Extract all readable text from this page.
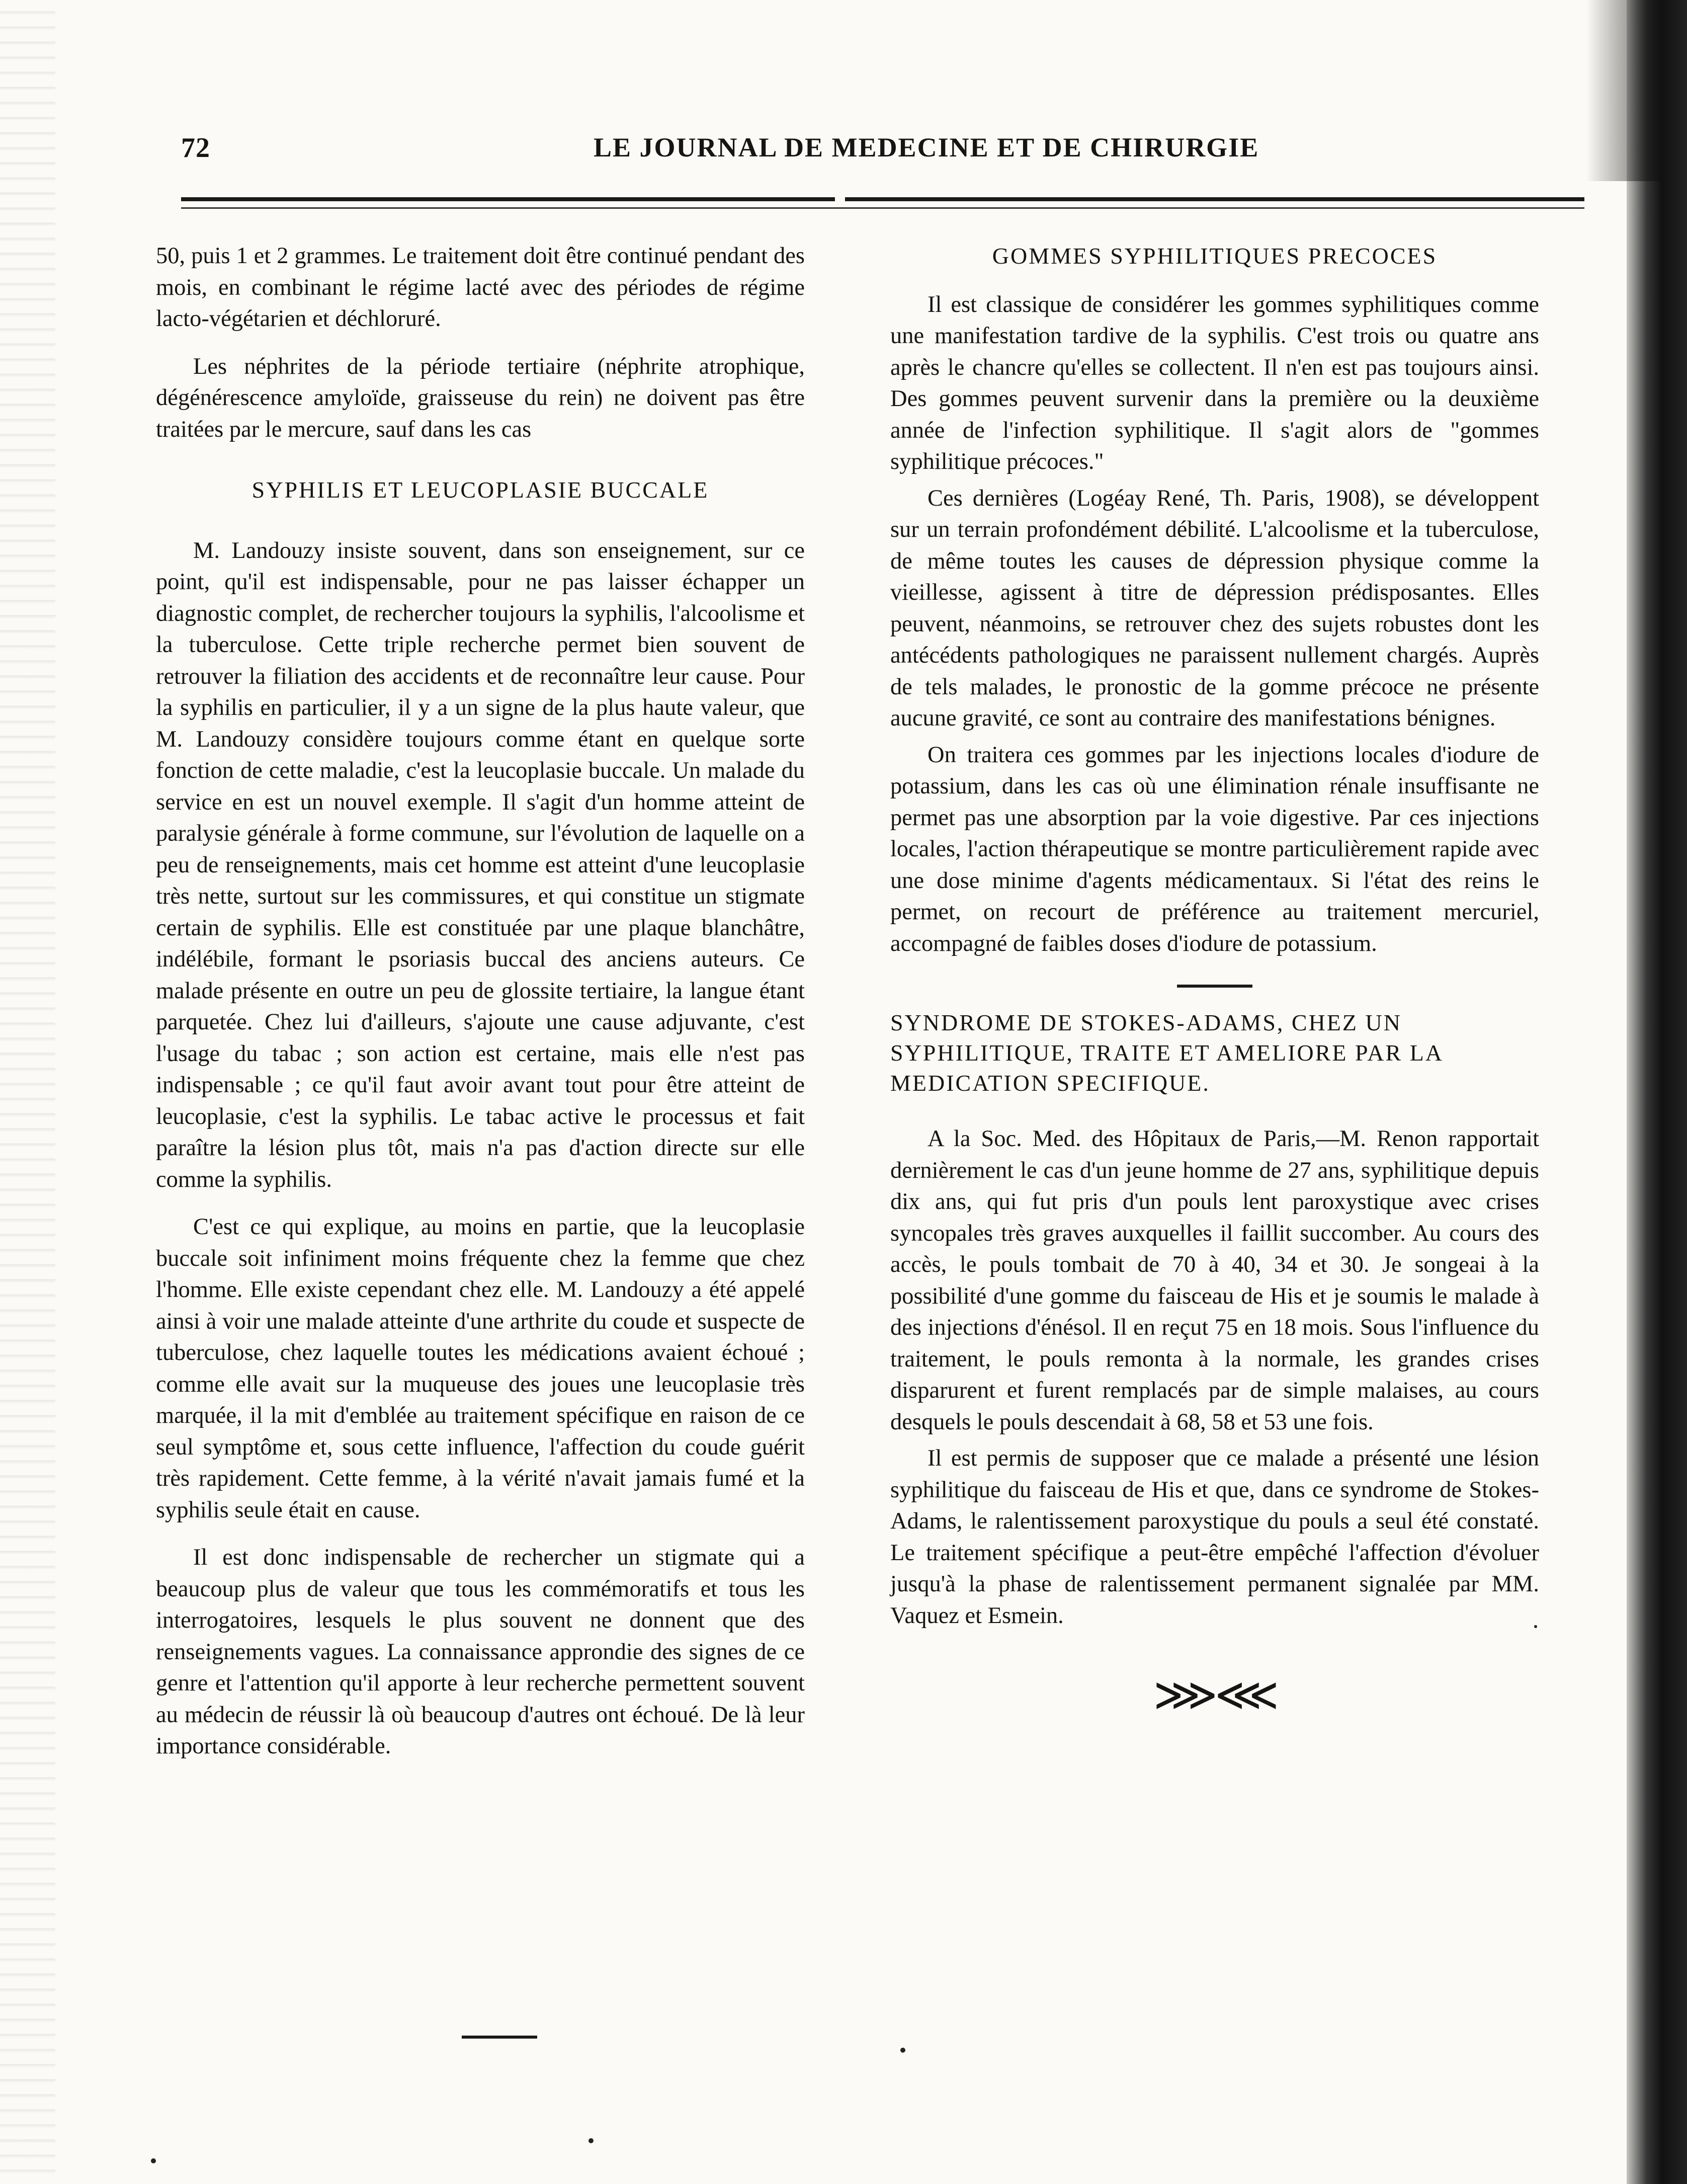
72	LE JOURNAL DE MEDECINE ET DE CHIRURGIE

50, puis 1 et 2 grammes. Le traitement doit être continué pendant des mois, en combinant le régime lacté avec des périodes de régime lacto-végétarien et déchloruré.

Les néphrites de la période tertiaire (néphrite atrophique, dégénérescence amyloïde, graisseuse du rein) ne doivent pas être traitées par le mercure, sauf dans les cas

SYPHILIS ET LEUCOPLASIE BUCCALE

M. Landouzy insiste souvent, dans son enseignement, sur ce point, qu'il est indispensable, pour ne pas laisser échapper un diagnostic complet, de rechercher toujours la syphilis, l'alcoolisme et la tuberculose. Cette triple recherche permet bien souvent de retrouver la filiation des accidents et de reconnaître leur cause. Pour la syphilis en particulier, il y a un signe de la plus haute valeur, que M. Landouzy considère toujours comme étant en quelque sorte fonction de cette maladie, c'est la leucoplasie buccale. Un malade du service en est un nouvel exemple. Il s'agit d'un homme atteint de paralysie générale à forme commune, sur l'évolution de laquelle on a peu de renseignements, mais cet homme est atteint d'une leucoplasie très nette, surtout sur les commissures, et qui constitue un stigmate certain de syphilis. Elle est constituée par une plaque blanchâtre, indélébile, formant le psoriasis buccal des anciens auteurs. Ce malade présente en outre un peu de glossite tertiaire, la langue étant parquetée. Chez lui d'ailleurs, s'ajoute une cause adjuvante, c'est l'usage du tabac ; son action est certaine, mais elle n'est pas indispensable ; ce qu'il faut avoir avant tout pour être atteint de leucoplasie, c'est la syphilis. Le tabac active le processus et fait paraître la lésion plus tôt, mais n'a pas d'action directe sur elle comme la syphilis.

C'est ce qui explique, au moins en partie, que la leucoplasie buccale soit infiniment moins fréquente chez la femme que chez l'homme. Elle existe cependant chez elle. M. Landouzy a été appelé ainsi à voir une malade atteinte d'une arthrite du coude et suspecte de tuberculose, chez laquelle toutes les médications avaient échoué ; comme elle avait sur la muqueuse des joues une leucoplasie très marquée, il la mit d'emblée au traitement spécifique en raison de ce seul symptôme et, sous cette influence, l'affection du coude guérit très rapidement. Cette femme, à la vérité n'avait jamais fumé et la syphilis seule était en cause.

Il est donc indispensable de rechercher un stigmate qui a beaucoup plus de valeur que tous les commémoratifs et tous les interrogatoires, lesquels le plus souvent ne donnent que des renseignements vagues. La connaissance approndie des signes de ce genre et l'attention qu'il apporte à leur recherche permettent souvent au médecin de réussir là où beaucoup d'autres ont échoué. De là leur importance considérable.

GOMMES SYPHILITIQUES PRECOCES

Il est classique de considérer les gommes syphilitiques comme une manifestation tardive de la syphilis. C'est trois ou quatre ans après le chancre qu'elles se collectent. Il n'en est pas toujours ainsi. Des gommes peuvent survenir dans la première ou la deuxième année de l'infection syphilitique. Il s'agit alors de "gommes syphilitique précoces."

Ces dernières (Logéay René, Th. Paris, 1908), se développent sur un terrain profondément débilité. L'alcoolisme et la tuberculose, de même toutes les causes de dépression physique comme la vieillesse, agissent à titre de dépression prédisposantes. Elles peuvent, néanmoins, se retrouver chez des sujets robustes dont les antécédents pathologiques ne paraissent nullement chargés. Auprès de tels malades, le pronostic de la gomme précoce ne présente aucune gravité, ce sont au contraire des manifestations bénignes.

On traitera ces gommes par les injections locales d'iodure de potassium, dans les cas où une élimination rénale insuffisante ne permet pas une absorption par la voie digestive. Par ces injections locales, l'action thérapeutique se montre particulièrement rapide avec une dose minime d'agents médicamentaux. Si l'état des reins le permet, on recourt de préférence au traitement mercuriel, accompagné de faibles doses d'iodure de potassium.

SYNDROME DE STOKES-ADAMS, CHEZ UN SYPHILITIQUE, TRAITE ET AMELIORE PAR LA MEDICATION SPECIFIQUE.

A la Soc. Med. des Hôpitaux de Paris,—M. Renon rapportait dernièrement le cas d'un jeune homme de 27 ans, syphilitique depuis dix ans, qui fut pris d'un pouls lent paroxystique avec crises syncopales très graves auxquelles il faillit succomber. Au cours des accès, le pouls tombait de 70 à 40, 34 et 30. Je songeai à la possibilité d'une gomme du faisceau de His et je soumis le malade à des injections d'énésol. Il en reçut 75 en 18 mois. Sous l'influence du traitement, le pouls remonta à la normale, les grandes crises disparurent et furent remplacés par de simple malaises, au cours desquels le pouls descendait à 68, 58 et 53 une fois.

Il est permis de supposer que ce malade a présenté une lésion syphilitique du faisceau de His et que, dans ce syndrome de Stokes-Adams, le ralentissement paroxystique du pouls a seul été constaté. Le traitement spécifique a peut-être empêché l'affection d'évoluer jusqu'à la phase de ralentissement permanent signalée par MM. Vaquez et Esmein.

⋙⋘
